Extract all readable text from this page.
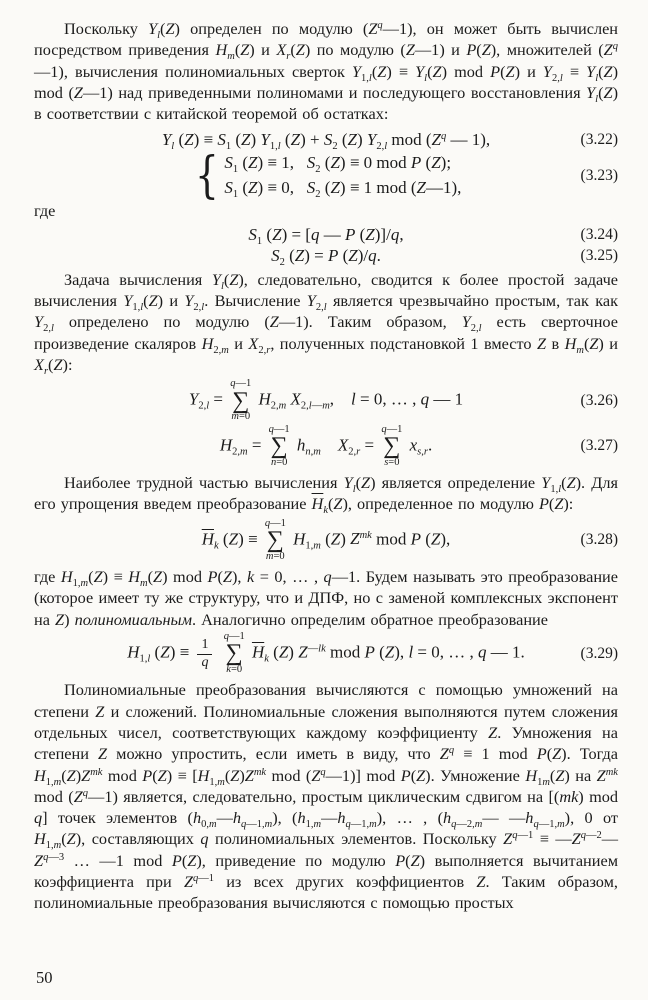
Поскольку $Y_l(Z)$ определен по модулю $(Z^q—1)$, он может быть вычислен посредством приведения $H_m(Z)$ и $X_r(Z)$ по модулю (Z—1) и P(Z), множителей $(Z^q—1)$, вычисления полиномиальных сверток $Y_{1,l}(Z) \equiv Y_l(Z)$ mod P(Z) и $Y_{2,l} \equiv Y_l(Z)$ mod (Z—1) над приведенными полиномами и последующего восстановления $Y_l(Z)$ в соответствии с китайской теоремой об остатках:

$Y_l$ $(Z) \equiv S_1$ (Z) $Y_{1,l}$ $(Z) + S_2$ (Z) $Y_{2,l}$ mod ($Z^q$ — 1),	(3.22)
{ $S_1$ (Z) ≡ 1,   $S_2$ (Z) ≡ 0 mod P (Z);
$S_1$ (Z) ≡ 0,   $S_2$ (Z) ≡ 1 mod (Z—1),
(3.23)

где

$S_1$ (Z) = [q — P (Z)]/q,	(3.24)
$S_2$ (Z) = P (Z)/q.	(3.25)

Задача вычисления $Y_l(Z)$, следовательно, сводится к более простой задаче вычисления $Y_{1,l}(Z)$ и $Y_{2,l}$. Вычисление $Y_{2,l}$ является чрезвычайно простым, так как $Y_{2,l}$ определено по модулю (Z—1). Таким образом, $Y_{2,l}$ есть сверточное произведение скаляров $H_{2,m}$ и $X_{2,r}$, полученных подстановкой 1 вместо Z в $H_m(Z)$ и $X_r(Z)$:

$Y_{2,l}$ =
q—1
∑
m=0
$H_{2,m}$ $X_{2,l—m}$,    l = 0, … , q — 1	(3.26)
$H_{2,m}$ =
q—1
∑
n=0
$h_{n,m}$ $X_{2,r}$ =
q—1
∑
s=0
$x_{s,r}$.	(3.27)

Наиболее трудной частью вычисления $Y_l(Z)$ является определение $Y_{1,l}(Z)$. Для его упрощения введем преобразование $\overline{H}_k(Z)$, определенное по модулю P(Z):

$\overline{H}_k$ (Z) ≡
q—1
∑
m=0
$H_{1,m}$ (Z) $Z^{mk}$ mod P (Z),	(3.28)

где $H_{1,m}(Z) \equiv H_m(Z)$ mod P(Z), k = 0, … , q—1. Будем называть это преобразование (которое имеет ту же структуру, что и ДПФ, но с заменой комплексных экспонент на Z) полиномиальным. Аналогично определим обратное преобразование

$H_{1,l}$ $(Z) \equiv \frac{1}{q}$

q—1
∑
k=0
$\overline{H}_k$ (Z) $Z^{—lk}$ mod P (Z), l = 0, … , q — 1.	(3.29)

Полиномиальные преобразования вычисляются с помощью умножений на степени Z и сложений. Полиномиальные сложения выполняются путем сложения отдельных чисел, соответствующих каждому коэффициенту Z. Умножения на степени Z можно упростить, если иметь в виду, что $Z^q \equiv 1$ mod P(Z). Тогда $H_{1,m}(Z)Z^{mk}$ mod $P(Z) \equiv [H_{1,m}(Z)Z^{mk}$ mod $(Z^q—1)$] mod P(Z). Умножение $H_{1m}(Z)$ на $Z^{mk}$ mod $(Z^q—1)$ является, следовательно, простым циклическим сдвигом на [(mk) mod q] точек элементов $(h_{0,m}—h_{q—1,m})$, $(h_{1,m}—h_{q—1,m})$, … , ($h_{q—2,m}—$ $—h_{q—1,m}$), 0 от $H_{1,m}(Z)$, составляющих q полиномиальных элементов. Поскольку $Z^{q—1}$ ≡ $—Z^{q—2}—Z^{q—3}$ … —1 mod P(Z), приведение по модулю P(Z) выполняется вычитанием коэффициента при $Z^{q—1}$ из всех других коэффициентов Z. Таким образом, полиномиальные преобразования вычисляются с помощью простых

50
